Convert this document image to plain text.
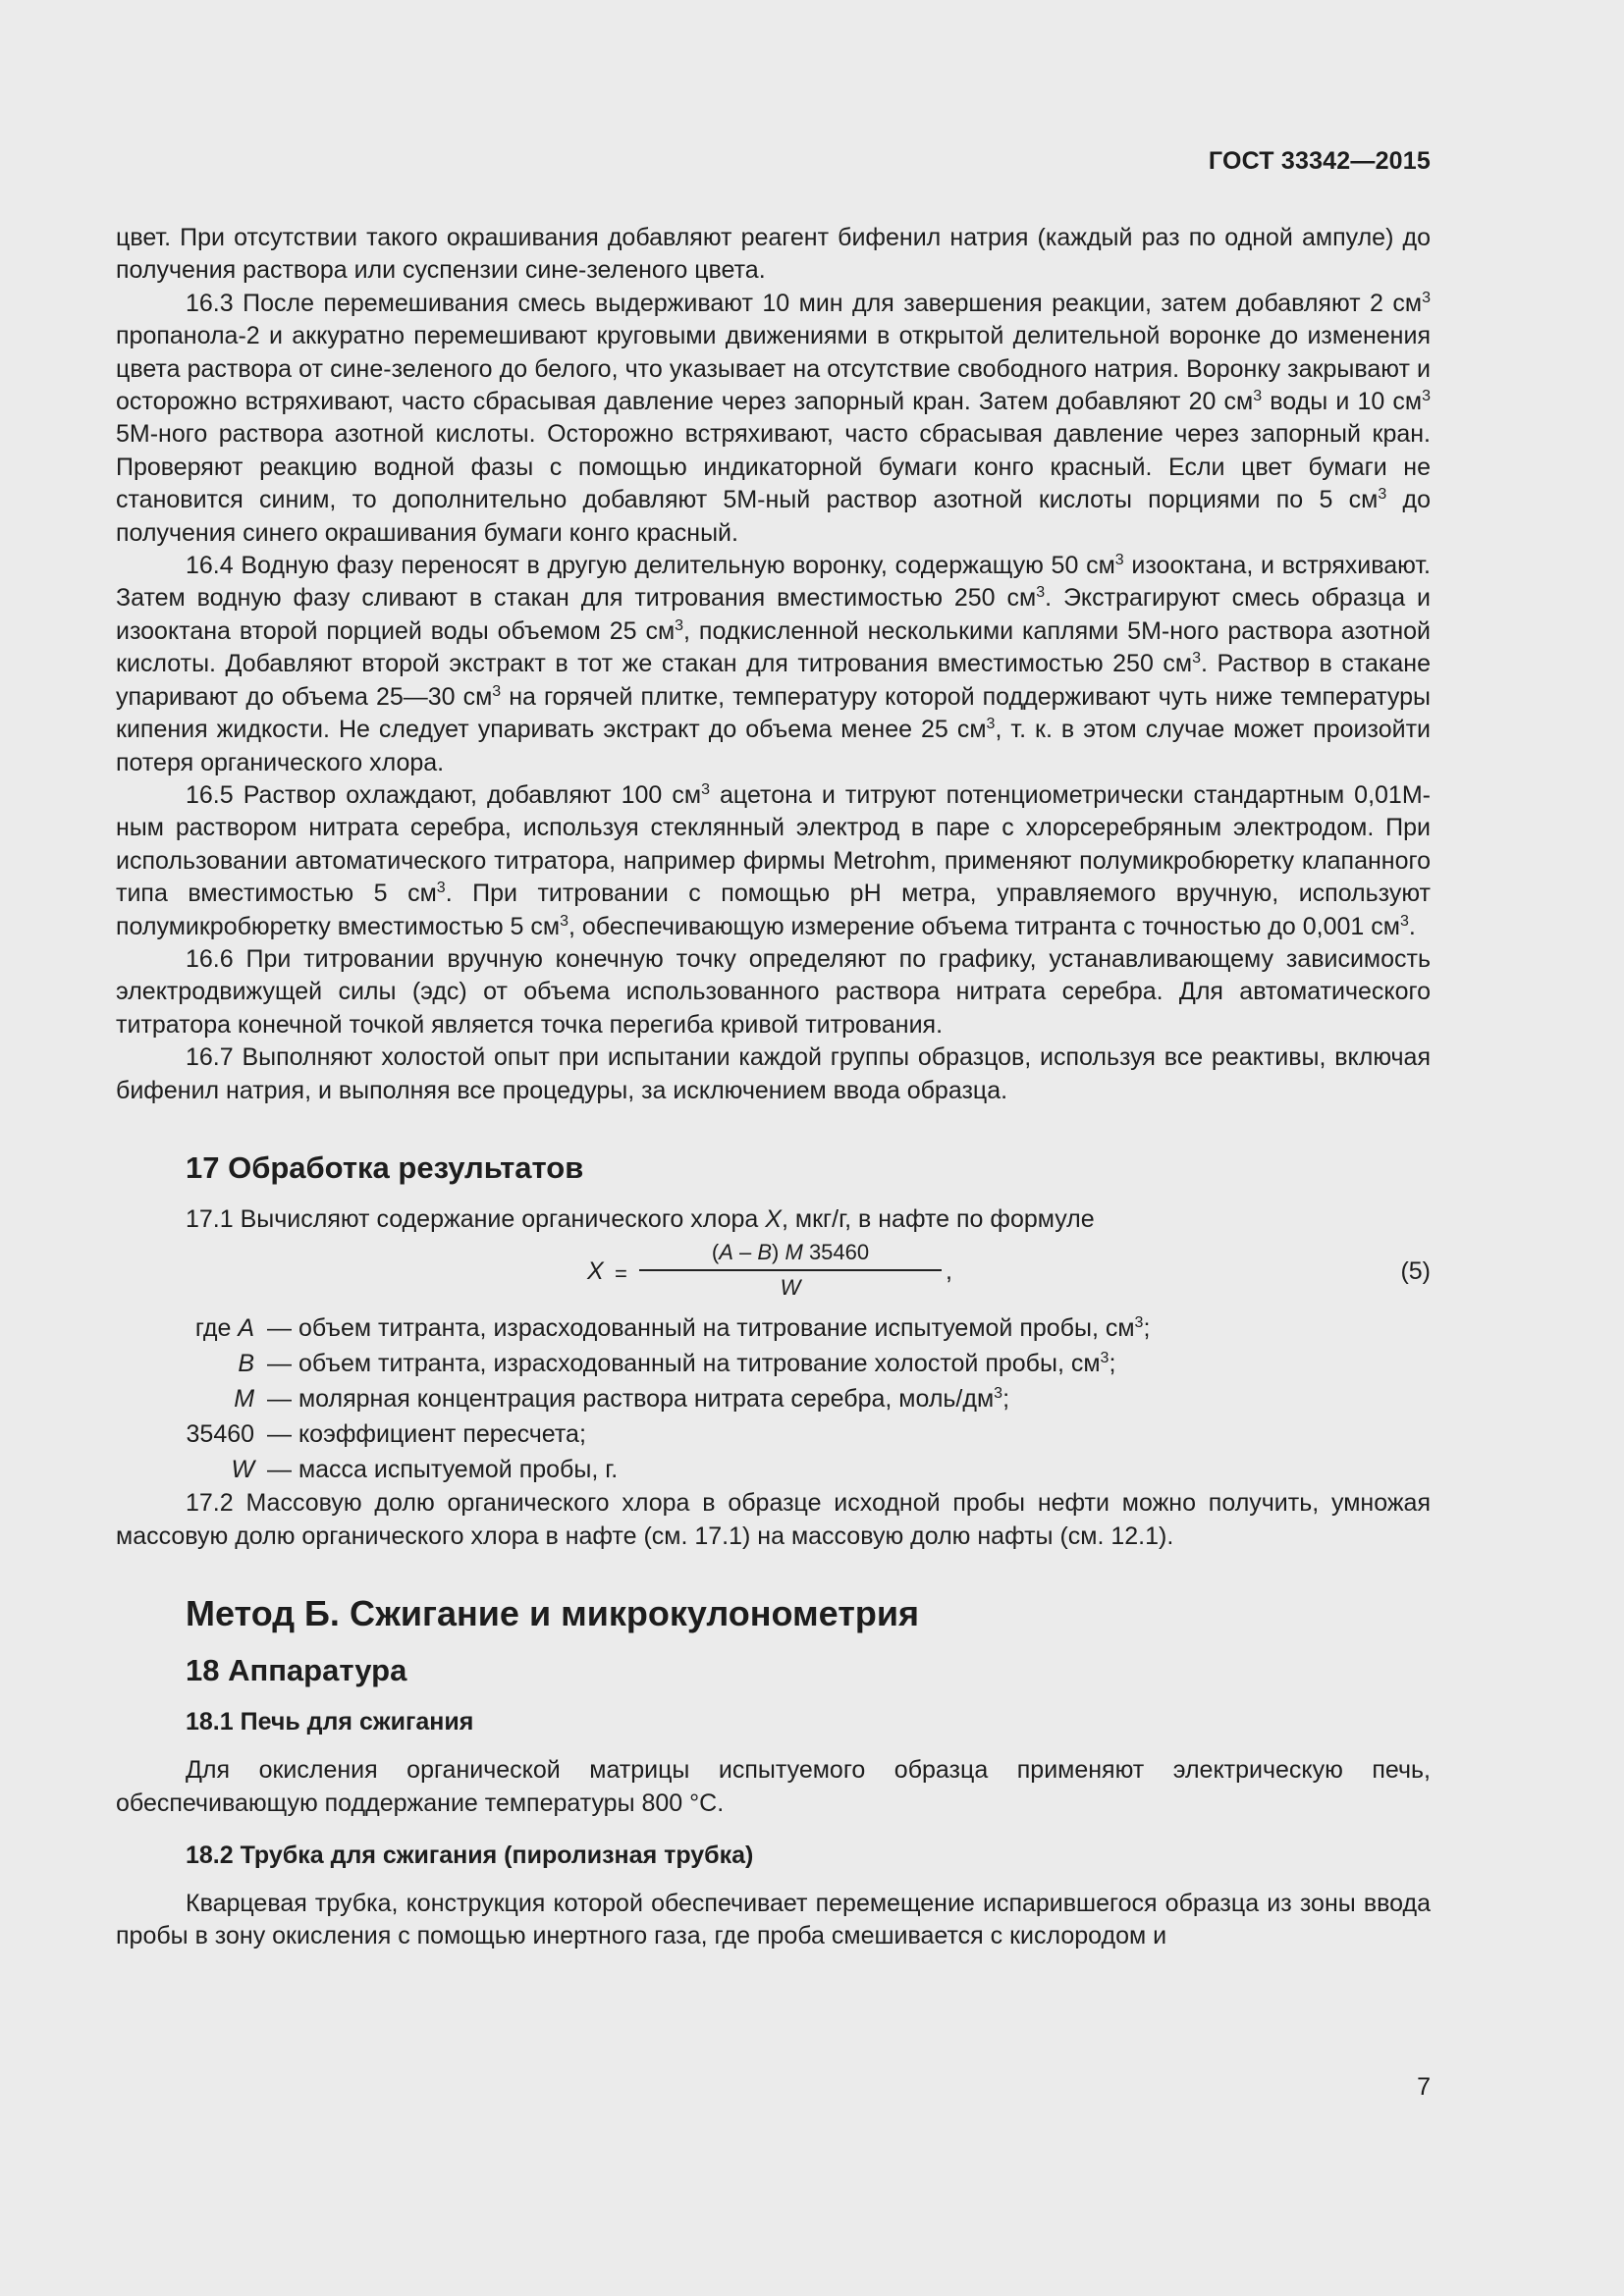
ГОСТ 33342—2015

цвет. При отсутствии такого окрашивания добавляют реагент бифенил натрия (каждый раз по одной ампуле) до получения раствора или суспензии сине-зеленого цвета.

16.3 После перемешивания смесь выдерживают 10 мин для завершения реакции, затем добавляют 2 $см^3$ пропанола-2 и аккуратно перемешивают круговыми движениями в открытой делительной воронке до изменения цвета раствора от сине-зеленого до белого, что указывает на отсутствие свободного натрия. Воронку закрывают и осторожно встряхивают, часто сбрасывая давление через запорный кран. Затем добавляют 20 $см^3$ воды и 10 $см^3$ 5М-ного раствора азотной кислоты. Осторожно встряхивают, часто сбрасывая давление через запорный кран. Проверяют реакцию водной фазы с помощью индикаторной бумаги конго красный. Если цвет бумаги не становится синим, то дополнительно добавляют 5М-ный раствор азотной кислоты порциями по 5 $см^3$ до получения синего окрашивания бумаги конго красный.

16.4 Водную фазу переносят в другую делительную воронку, содержащую 50 $см^3$ изооктана, и встряхивают. Затем водную фазу сливают в стакан для титрования вместимостью 250 $см^3$. Экстрагируют смесь образца и изооктана второй порцией воды объемом 25 $см^3$, подкисленной несколькими каплями 5М-ного раствора азотной кислоты. Добавляют второй экстракт в тот же стакан для титрования вместимостью 250 $см^3$. Раствор в стакане упаривают до объема 25—30 $см^3$ на горячей плитке, температуру которой поддерживают чуть ниже температуры кипения жидкости. Не следует упаривать экстракт до объема менее 25 $см^3$, т. к. в этом случае может произойти потеря органического хлора.

16.5 Раствор охлаждают, добавляют 100 $см^3$ ацетона и титруют потенциометрически стандартным 0,01М-ным раствором нитрата серебра, используя стеклянный электрод в паре с хлорсеребряным электродом. При использовании автоматического титратора, например фирмы Metrohm, применяют полумикробюретку клапанного типа вместимостью 5 $см^3$. При титровании с помощью pH метра, управляемого вручную, используют полумикробюретку вместимостью 5 $см^3$, обеспечивающую измерение объема титранта с точностью до 0,001 $см^3$.

16.6 При титровании вручную конечную точку определяют по графику, устанавливающему зависимость электродвижущей силы (эдс) от объема использованного раствора нитрата серебра. Для автоматического титратора конечной точкой является точка перегиба кривой титрования.

16.7 Выполняют холостой опыт при испытании каждой группы образцов, используя все реактивы, включая бифенил натрия, и выполняя все процедуры, за исключением ввода образца.

17 Обработка результатов

17.1 Вычисляют содержание органического хлора X, мкг/г, в нафте по формуле

X =
(A – B) M 35460
W
,	(5)
где A — объем титранта, израсходованный на титрование испытуемой пробы, $см^3$;
B — объем титранта, израсходованный на титрование холостой пробы, $см^3$;
M — молярная концентрация раствора нитрата серебра, моль/$дм^3$;
35460 — коэффициент пересчета;
W — масса испытуемой пробы, г.

17.2 Массовую долю органического хлора в образце исходной пробы нефти можно получить, умножая массовую долю органического хлора в нафте (см. 17.1) на массовую долю нафты (см. 12.1).

Метод Б. Сжигание и микрокулонометрия
18 Аппаратура
18.1 Печь для сжигания

Для окисления органической матрицы испытуемого образца применяют электрическую печь, обеспечивающую поддержание температуры 800 °С.

18.2 Трубка для сжигания (пиролизная трубка)

Кварцевая трубка, конструкция которой обеспечивает перемещение испарившегося образца из зоны ввода пробы в зону окисления с помощью инертного газа, где проба смешивается с кислородом и

7
